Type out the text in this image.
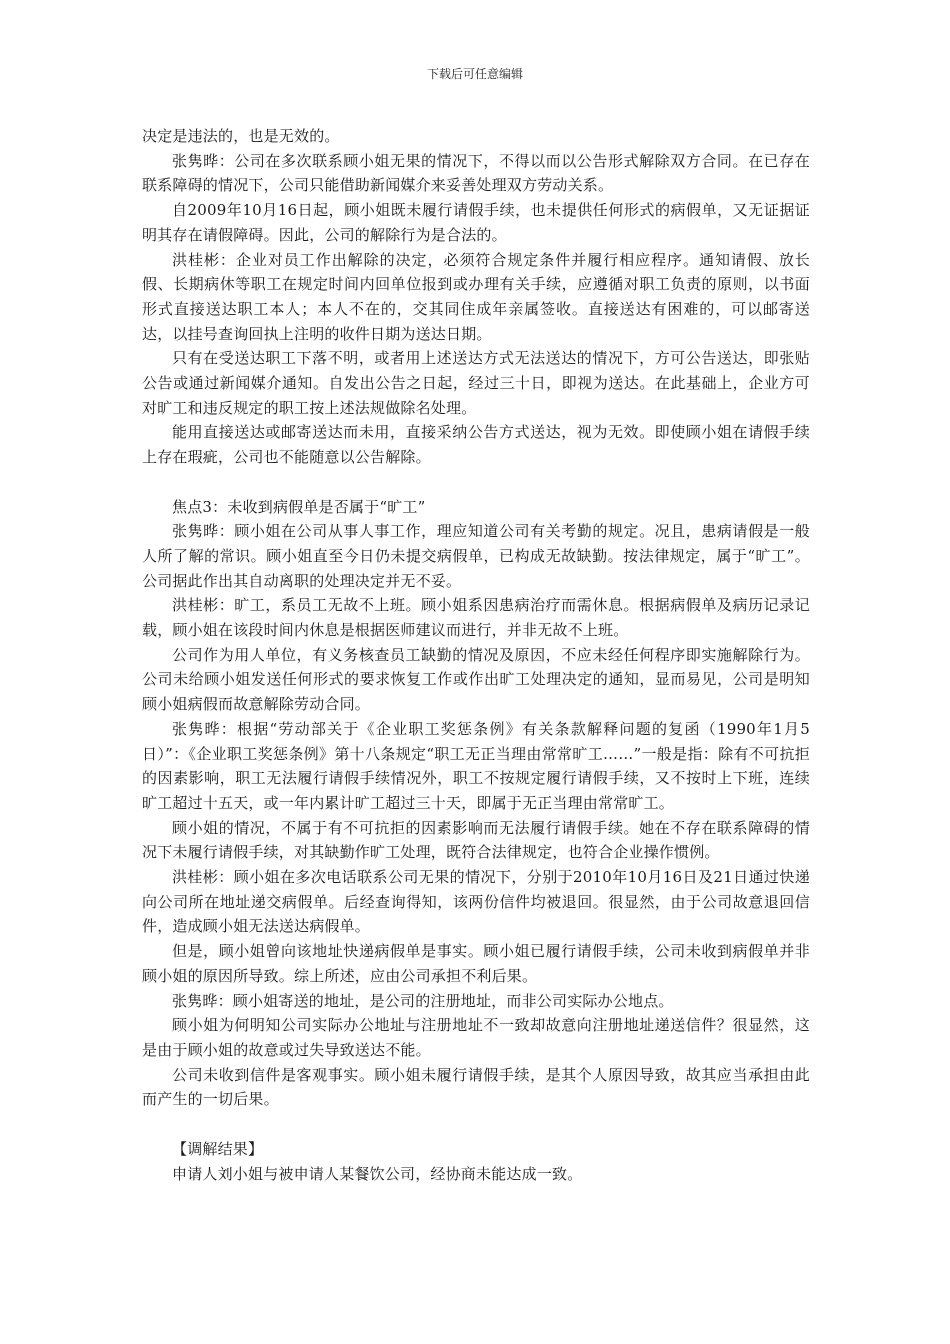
下载后可任意编辑

决定是违法的，也是无效的。

张隽晔：公司在多次联系顾小姐无果的情况下，不得以而以公告形式解除双方合同。在已存在联系障碍的情况下，公司只能借助新闻媒介来妥善处理双方劳动关系。

自2009年10月16日起，顾小姐既未履行请假手续，也未提供任何形式的病假单，又无证据证明其存在请假障碍。因此，公司的解除行为是合法的。

洪桂彬：企业对员工作出解除的决定，必须符合规定条件并履行相应程序。通知请假、放长假、长期病休等职工在规定时间内回单位报到或办理有关手续，应遵循对职工负责的原则，以书面形式直接送达职工本人；本人不在的，交其同住成年亲属签收。直接送达有困难的，可以邮寄送达，以挂号查询回执上注明的收件日期为送达日期。

只有在受送达职工下落不明，或者用上述送达方式无法送达的情况下，方可公告送达，即张贴公告或通过新闻媒介通知。自发出公告之日起，经过三十日，即视为送达。在此基础上，企业方可对旷工和违反规定的职工按上述法规做除名处理。

能用直接送达或邮寄送达而未用，直接采纳公告方式送达，视为无效。即使顾小姐在请假手续上存在瑕疵，公司也不能随意以公告解除。

焦点3：未收到病假单是否属于“旷工”

张隽晔：顾小姐在公司从事人事工作，理应知道公司有关考勤的规定。况且，患病请假是一般人所了解的常识。顾小姐直至今日仍未提交病假单，已构成无故缺勤。按法律规定，属于“旷工”。公司据此作出其自动离职的处理决定并无不妥。

洪桂彬：旷工，系员工无故不上班。顾小姐系因患病治疗而需休息。根据病假单及病历记录记载，顾小姐在该段时间内休息是根据医师建议而进行，并非无故不上班。

公司作为用人单位，有义务核查员工缺勤的情况及原因，不应未经任何程序即实施解除行为。公司未给顾小姐发送任何形式的要求恢复工作或作出旷工处理决定的通知，显而易见，公司是明知顾小姐病假而故意解除劳动合同。

张隽晔：根据“劳动部关于《企业职工奖惩条例》有关条款解释问题的复函（1990年1月5日）”：《企业职工奖惩条例》第十八条规定“职工无正当理由常常旷工……”一般是指：除有不可抗拒的因素影响，职工无法履行请假手续情况外，职工不按规定履行请假手续，又不按时上下班，连续旷工超过十五天，或一年内累计旷工超过三十天，即属于无正当理由常常旷工。

顾小姐的情况，不属于有不可抗拒的因素影响而无法履行请假手续。她在不存在联系障碍的情况下未履行请假手续，对其缺勤作旷工处理，既符合法律规定，也符合企业操作惯例。

洪桂彬：顾小姐在多次电话联系公司无果的情况下，分别于2010年10月16日及21日通过快递向公司所在地址递交病假单。后经查询得知，该两份信件均被退回。很显然，由于公司故意退回信件，造成顾小姐无法送达病假单。

但是，顾小姐曾向该地址快递病假单是事实。顾小姐已履行请假手续，公司未收到病假单并非顾小姐的原因所导致。综上所述，应由公司承担不利后果。

张隽晔：顾小姐寄送的地址，是公司的注册地址，而非公司实际办公地点。

顾小姐为何明知公司实际办公地址与注册地址不一致却故意向注册地址递送信件？很显然，这是由于顾小姐的故意或过失导致送达不能。

公司未收到信件是客观事实。顾小姐未履行请假手续，是其个人原因导致，故其应当承担由此而产生的一切后果。

【调解结果】

申请人刘小姐与被申请人某餐饮公司，经协商未能达成一致。
